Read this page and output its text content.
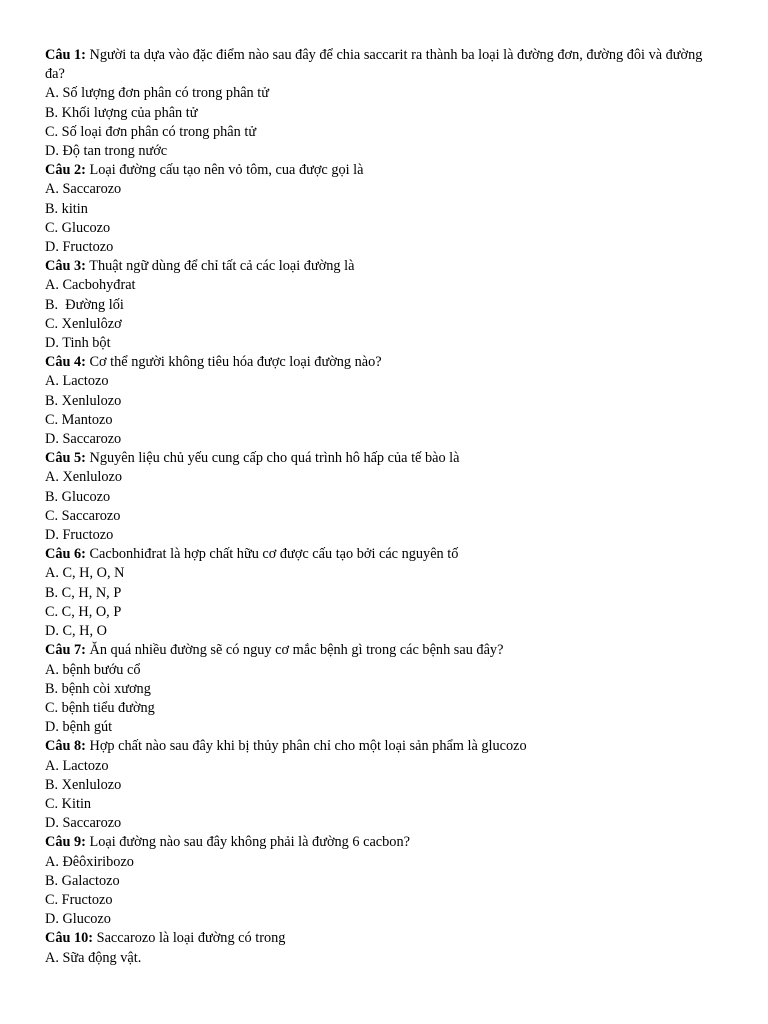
Câu 1: Người ta dựa vào đặc điểm nào sau đây để chia saccarit ra thành ba loại là đường đơn, đường đôi và đường đa?

A. Số lượng đơn phân có trong phân tử

B. Khối lượng của phân tử

C. Số loại đơn phân có trong phân tử

D. Độ tan trong nước

Câu 2: Loại đường cấu tạo nên vỏ tôm, cua được gọi là

A. Saccarozo

B. kitin

C. Glucozo

D. Fructozo

Câu 3: Thuật ngữ dùng để chỉ tất cả các loại đường là

A. Cacbohyđrat

B.  Đường lối

C. Xenlulôzơ

D. Tinh bột

Câu 4: Cơ thể người không tiêu hóa được loại đường nào?

A. Lactozo

B. Xenlulozo

C. Mantozo

D. Saccarozo

Câu 5: Nguyên liệu chủ yếu cung cấp cho quá trình hô hấp của tế bào là

A. Xenlulozo

B. Glucozo

C. Saccarozo

D. Fructozo

Câu 6: Cacbonhiđrat là hợp chất hữu cơ được cấu tạo bởi các nguyên tố

A. C, H, O, N

B. C, H, N, P

C. C, H, O, P

D. C, H, O

Câu 7: Ăn quá nhiều đường sẽ có nguy cơ mắc bệnh gì trong các bệnh sau đây?

A. bệnh bướu cổ

B. bệnh còi xương

C. bệnh tiểu đường

D. bệnh gút

Câu 8: Hợp chất nào sau đây khi bị thủy phân chỉ cho một loại sản phẩm là glucozo

A. Lactozo

B. Xenlulozo

C. Kitin

D. Saccarozo

Câu 9: Loại đường nào sau đây không phải là đường 6 cacbon?

A. Đêôxiribozo

B. Galactozo

C. Fructozo

D. Glucozo

Câu 10: Saccarozo là loại đường có trong

A. Sữa động vật.
